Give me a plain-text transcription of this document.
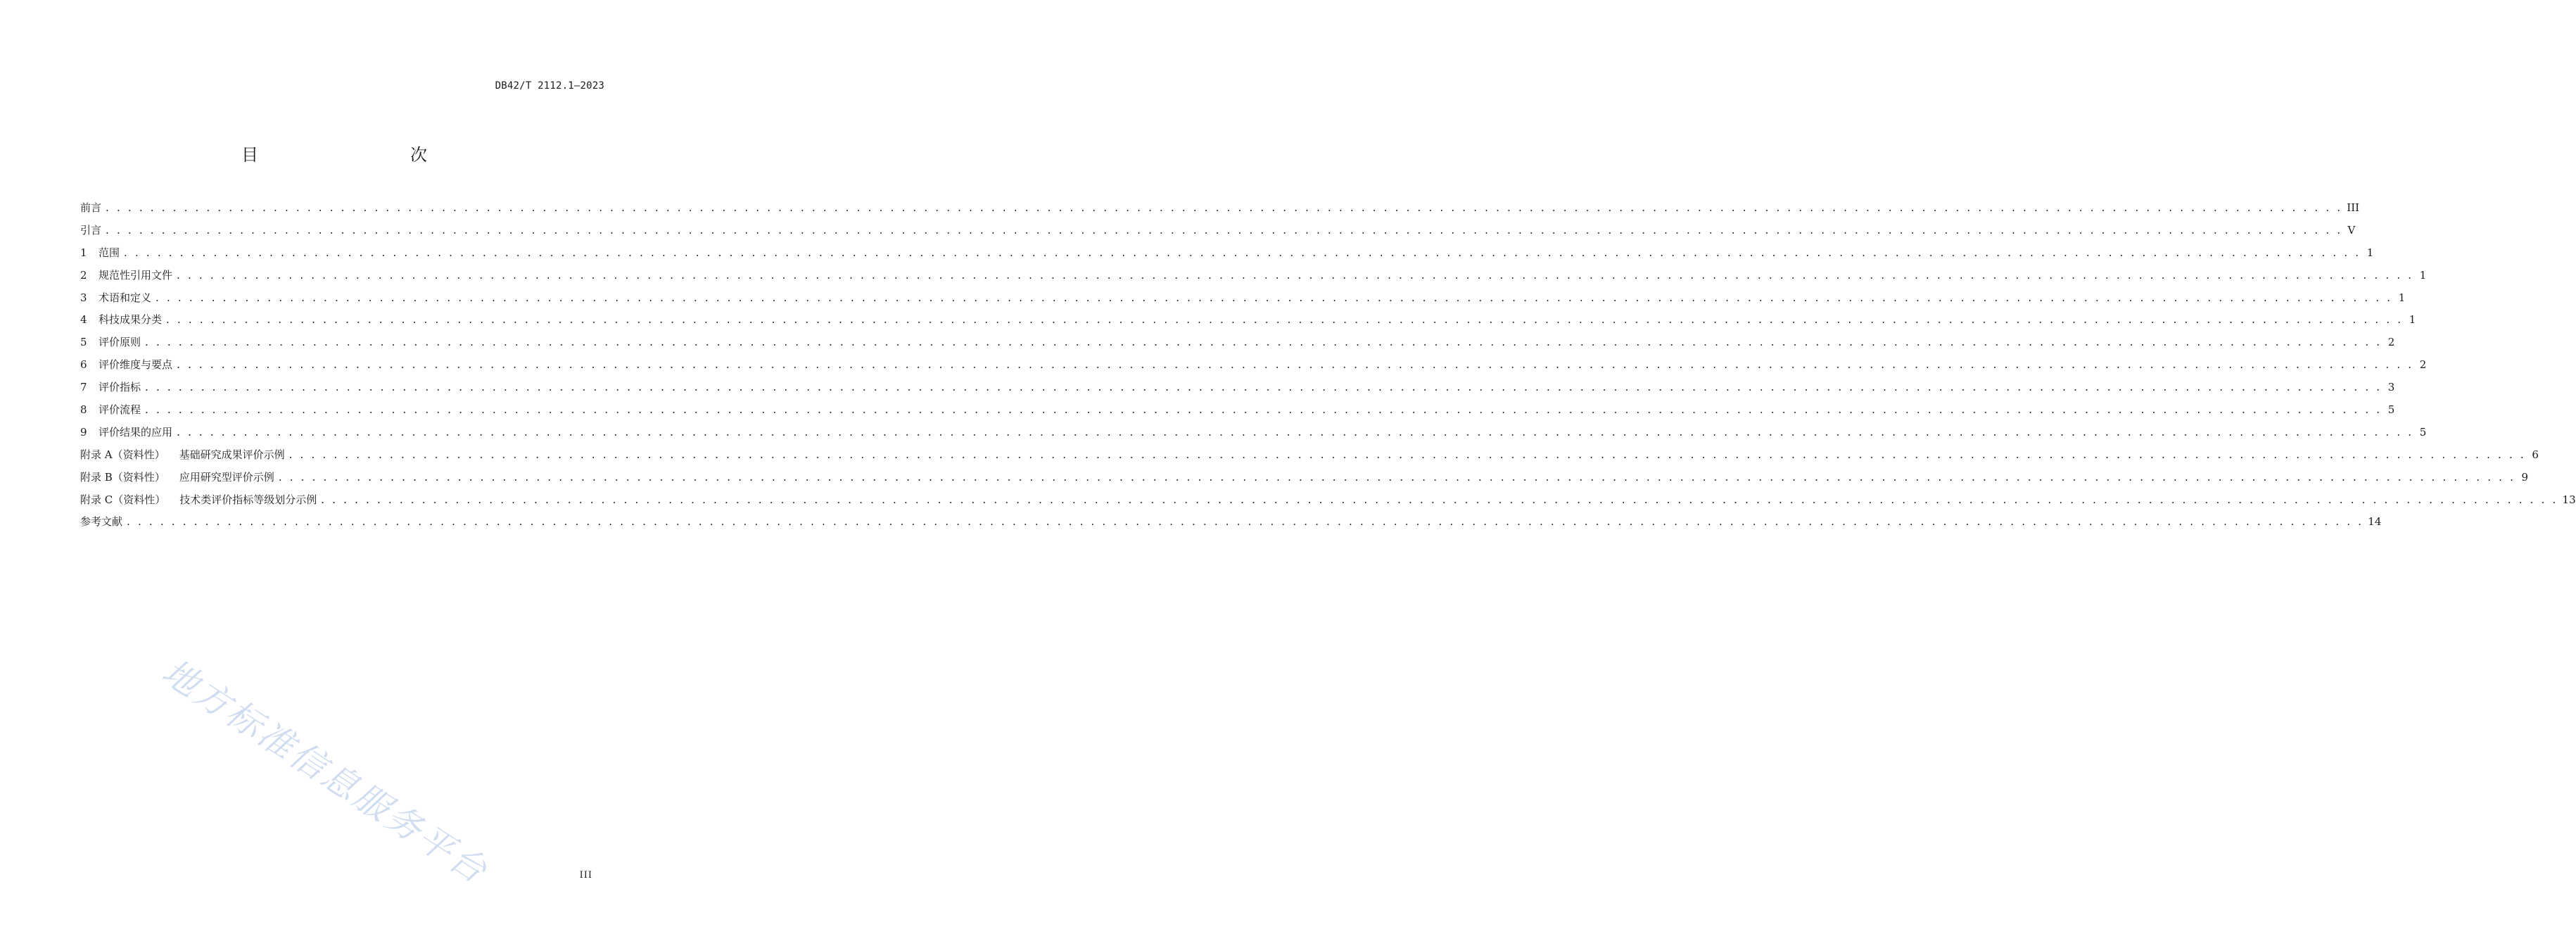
DB42/T 2112.1—2023
目　　次
前言 . . . . . . . . . . . . . . . . . . . . . . . . . . . . . . . . . . . . . . . . . . . . . . . . . . . . . . . . . . . . . . . . . . . . . . . . . . . . . . . . . . . . . . . . . . . . . . . . . . . . . . . . . . . . . . . . . . . . . . . . . . . . . . . . . . . . . . . . . . . . . . . . . . . . . . . . . . . . . . . . . . . . . . . . . . . . . . . . . . . . . . . . . . . . . . . . . . . . . . . . III
引言 . . . . . . . . . . . . . . . . . . . . . . . . . . . . . . . . . . . . . . . . . . . . . . . . . . . . . . . . . . . . . . . . . . . . . . . . . . . . . . . . . . . . . . . . . . . . . . . . . . . . . . . . . . . . . . . . . . . . . . . . . . . . . . . . . . . . . . . . . . . . . . . . . . . . . . . . . . . . . . . . . . . . . . . . . . . . . . . . . . . . . . . . . . . . . . . . . . . . . . . . V
1	范围 . . . . . . . . . . . . . . . . . . . . . . . . . . . . . . . . . . . . . . . . . . . . . . . . . . . . . . . . . . . . . . . . . . . . . . . . . . . . . . . . . . . . . . . . . . . . . . . . . . . . . . . . . . . . . . . . . . . . . . . . . . . . . . . . . . . . . . . . . . . . . . . . . . . . . . . . . . . . . . . . . . . . . . . . . . . . . . . . . . . . . . . . . . . . . . . . . . . . . . . . 1
2	规范性引用文件 . . . . . . . . . . . . . . . . . . . . . . . . . . . . . . . . . . . . . . . . . . . . . . . . . . . . . . . . . . . . . . . . . . . . . . . . . . . . . . . . . . . . . . . . . . . . . . . . . . . . . . . . . . . . . . . . . . . . . . . . . . . . . . . . . . . . . . . . . . . . . . . . . . . . . . . . . . . . . . . . . . . . . . . . . . . . . . . . . . . . . . . . . . . . . . . . . . . . . . . . 1
3	术语和定义 . . . . . . . . . . . . . . . . . . . . . . . . . . . . . . . . . . . . . . . . . . . . . . . . . . . . . . . . . . . . . . . . . . . . . . . . . . . . . . . . . . . . . . . . . . . . . . . . . . . . . . . . . . . . . . . . . . . . . . . . . . . . . . . . . . . . . . . . . . . . . . . . . . . . . . . . . . . . . . . . . . . . . . . . . . . . . . . . . . . . . . . . . . . . . . . . . . . . . . . . 1
4	科技成果分类 . . . . . . . . . . . . . . . . . . . . . . . . . . . . . . . . . . . . . . . . . . . . . . . . . . . . . . . . . . . . . . . . . . . . . . . . . . . . . . . . . . . . . . . . . . . . . . . . . . . . . . . . . . . . . . . . . . . . . . . . . . . . . . . . . . . . . . . . . . . . . . . . . . . . . . . . . . . . . . . . . . . . . . . . . . . . . . . . . . . . . . . . . . . . . . . . . . . . . . . . 1
5	评价原则 . . . . . . . . . . . . . . . . . . . . . . . . . . . . . . . . . . . . . . . . . . . . . . . . . . . . . . . . . . . . . . . . . . . . . . . . . . . . . . . . . . . . . . . . . . . . . . . . . . . . . . . . . . . . . . . . . . . . . . . . . . . . . . . . . . . . . . . . . . . . . . . . . . . . . . . . . . . . . . . . . . . . . . . . . . . . . . . . . . . . . . . . . . . . . . . . . . . . . . . . 2
6	评价维度与要点 . . . . . . . . . . . . . . . . . . . . . . . . . . . . . . . . . . . . . . . . . . . . . . . . . . . . . . . . . . . . . . . . . . . . . . . . . . . . . . . . . . . . . . . . . . . . . . . . . . . . . . . . . . . . . . . . . . . . . . . . . . . . . . . . . . . . . . . . . . . . . . . . . . . . . . . . . . . . . . . . . . . . . . . . . . . . . . . . . . . . . . . . . . . . . . . . . . . . . . . . 2
7	评价指标 . . . . . . . . . . . . . . . . . . . . . . . . . . . . . . . . . . . . . . . . . . . . . . . . . . . . . . . . . . . . . . . . . . . . . . . . . . . . . . . . . . . . . . . . . . . . . . . . . . . . . . . . . . . . . . . . . . . . . . . . . . . . . . . . . . . . . . . . . . . . . . . . . . . . . . . . . . . . . . . . . . . . . . . . . . . . . . . . . . . . . . . . . . . . . . . . . . . . . . . . 3
8	评价流程 . . . . . . . . . . . . . . . . . . . . . . . . . . . . . . . . . . . . . . . . . . . . . . . . . . . . . . . . . . . . . . . . . . . . . . . . . . . . . . . . . . . . . . . . . . . . . . . . . . . . . . . . . . . . . . . . . . . . . . . . . . . . . . . . . . . . . . . . . . . . . . . . . . . . . . . . . . . . . . . . . . . . . . . . . . . . . . . . . . . . . . . . . . . . . . . . . . . . . . . . 5
9	评价结果的应用 . . . . . . . . . . . . . . . . . . . . . . . . . . . . . . . . . . . . . . . . . . . . . . . . . . . . . . . . . . . . . . . . . . . . . . . . . . . . . . . . . . . . . . . . . . . . . . . . . . . . . . . . . . . . . . . . . . . . . . . . . . . . . . . . . . . . . . . . . . . . . . . . . . . . . . . . . . . . . . . . . . . . . . . . . . . . . . . . . . . . . . . . . . . . . . . . . . . . . . . . 5
附录 A（资料性） 基础研究成果评价示例 . . . . . . . . . . . . . . . . . . . . . . . . . . . . . . . . . . . . . . . . . . . . . . . . . . . . . . . . . . . . . . . . . . . . . . . . . . . . . . . . . . . . . . . . . . . . . . . . . . . . . . . . . . . . . . . . . . . . . . . . . . . . . . . . . . . . . . . . . . . . . . . . . . . . . . . . . . . . . . . . . . . . . . . . . . . . . . . . . . . . . . . . . . . . . . . . . . . . . . . . 6
附录 B（资料性） 应用研究型评价示例 . . . . . . . . . . . . . . . . . . . . . . . . . . . . . . . . . . . . . . . . . . . . . . . . . . . . . . . . . . . . . . . . . . . . . . . . . . . . . . . . . . . . . . . . . . . . . . . . . . . . . . . . . . . . . . . . . . . . . . . . . . . . . . . . . . . . . . . . . . . . . . . . . . . . . . . . . . . . . . . . . . . . . . . . . . . . . . . . . . . . . . . . . . . . . . . . . . . . . . . . 9
附录 C（资料性） 技术类评价指标等级划分示例 . . . . . . . . . . . . . . . . . . . . . . . . . . . . . . . . . . . . . . . . . . . . . . . . . . . . . . . . . . . . . . . . . . . . . . . . . . . . . . . . . . . . . . . . . . . . . . . . . . . . . . . . . . . . . . . . . . . . . . . . . . . . . . . . . . . . . . . . . . . . . . . . . . . . . . . . . . . . . . . . . . . . . . . . . . . . . . . . . . . . . . . . . . . . . . . . . . . . . . . . 13
参考文献 . . . . . . . . . . . . . . . . . . . . . . . . . . . . . . . . . . . . . . . . . . . . . . . . . . . . . . . . . . . . . . . . . . . . . . . . . . . . . . . . . . . . . . . . . . . . . . . . . . . . . . . . . . . . . . . . . . . . . . . . . . . . . . . . . . . . . . . . . . . . . . . . . . . . . . . . . . . . . . . . . . . . . . . . . . . . . . . . . . . . . . . . . . . . . . . . . . . . . . . . 14
地方标准信息服务平台	III
